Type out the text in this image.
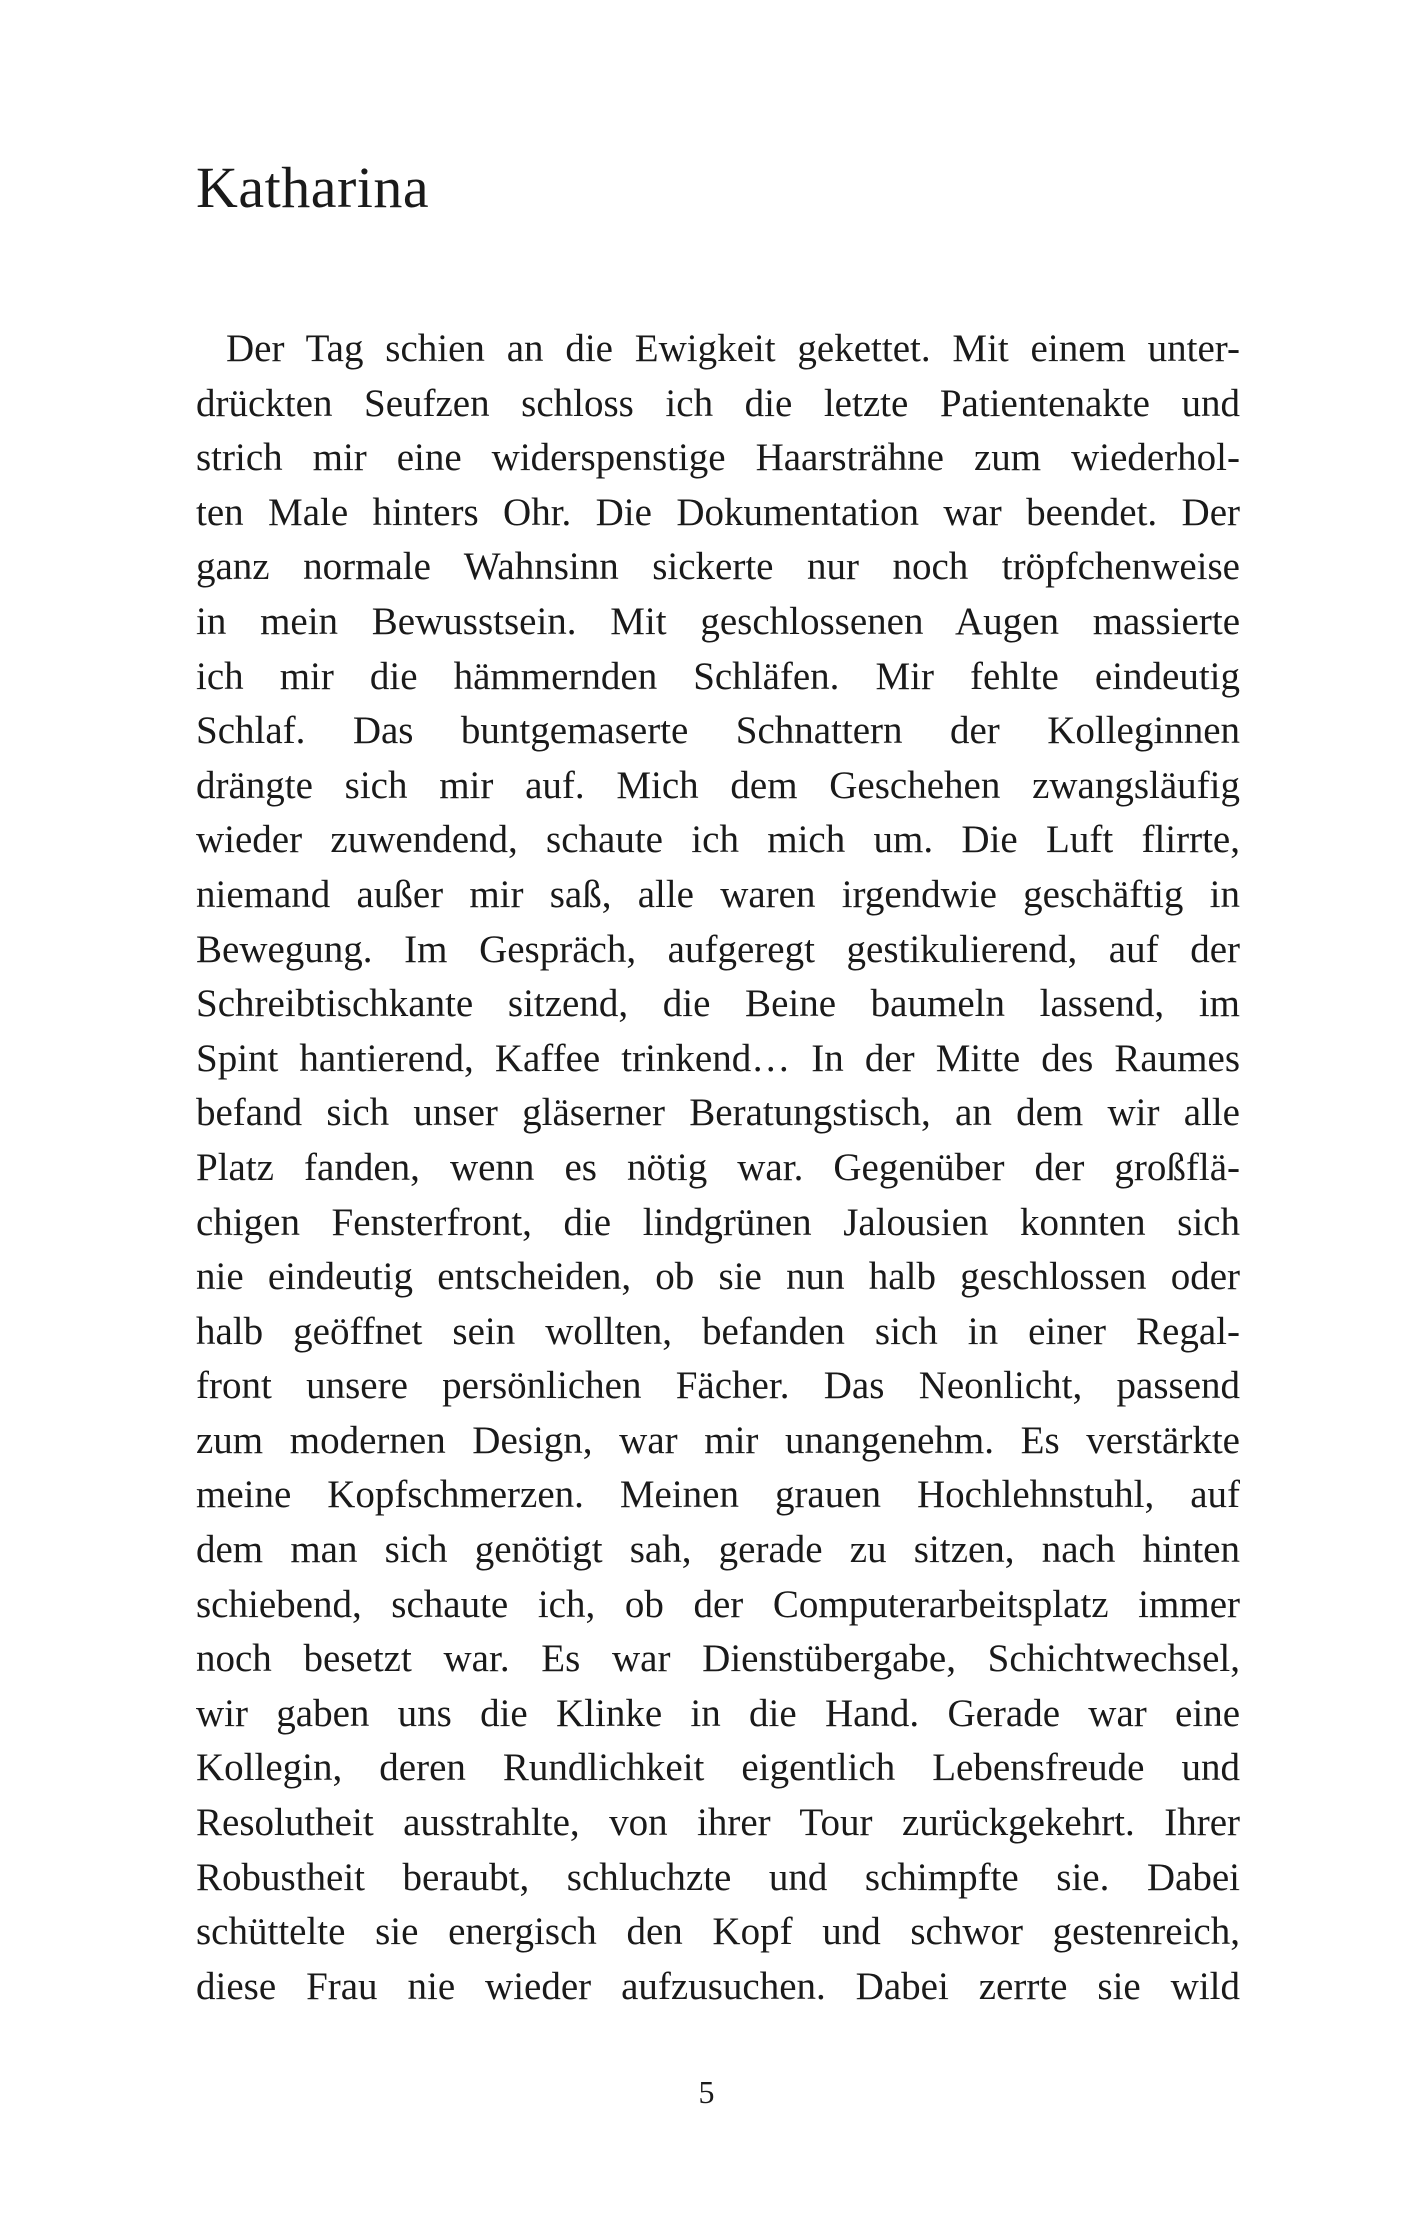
Katharina
Der Tag schien an die Ewigkeit gekettet. Mit einem unter-
drückten Seufzen schloss ich die letzte Patientenakte und
strich mir eine widerspenstige Haarsträhne zum wiederhol-
ten Male hinters Ohr. Die Dokumentation war beendet. Der
ganz normale Wahnsinn sickerte nur noch tröpfchenweise
in mein Bewusstsein. Mit geschlossenen Augen massierte
ich mir die hämmernden Schläfen. Mir fehlte eindeutig
Schlaf. Das buntgemaserte Schnattern der Kolleginnen
drängte sich mir auf. Mich dem Geschehen zwangsläufig
wieder zuwendend, schaute ich mich um. Die Luft flirrte,
niemand außer mir saß, alle waren irgendwie geschäftig in
Bewegung. Im Gespräch, aufgeregt gestikulierend, auf der
Schreibtischkante sitzend, die Beine baumeln lassend, im
Spint hantierend, Kaffee trinkend… In der Mitte des Raumes
befand sich unser gläserner Beratungstisch, an dem wir alle
Platz fanden, wenn es nötig war. Gegenüber der großflä-
chigen Fensterfront, die lindgrünen Jalousien konnten sich
nie eindeutig entscheiden, ob sie nun halb geschlossen oder
halb geöffnet sein wollten, befanden sich in einer Regal-
front unsere persönlichen Fächer. Das Neonlicht, passend
zum modernen Design, war mir unangenehm. Es verstärkte
meine Kopfschmerzen. Meinen grauen Hochlehnstuhl, auf
dem man sich genötigt sah, gerade zu sitzen, nach hinten
schiebend, schaute ich, ob der Computerarbeitsplatz immer
noch besetzt war. Es war Dienstübergabe, Schichtwechsel,
wir gaben uns die Klinke in die Hand. Gerade war eine
Kollegin, deren Rundlichkeit eigentlich Lebensfreude und
Resolutheit ausstrahlte, von ihrer Tour zurückgekehrt. Ihrer
Robustheit beraubt, schluchzte und schimpfte sie. Dabei
schüttelte sie energisch den Kopf und schwor gestenreich,
diese Frau nie wieder aufzusuchen. Dabei zerrte sie wild
5
